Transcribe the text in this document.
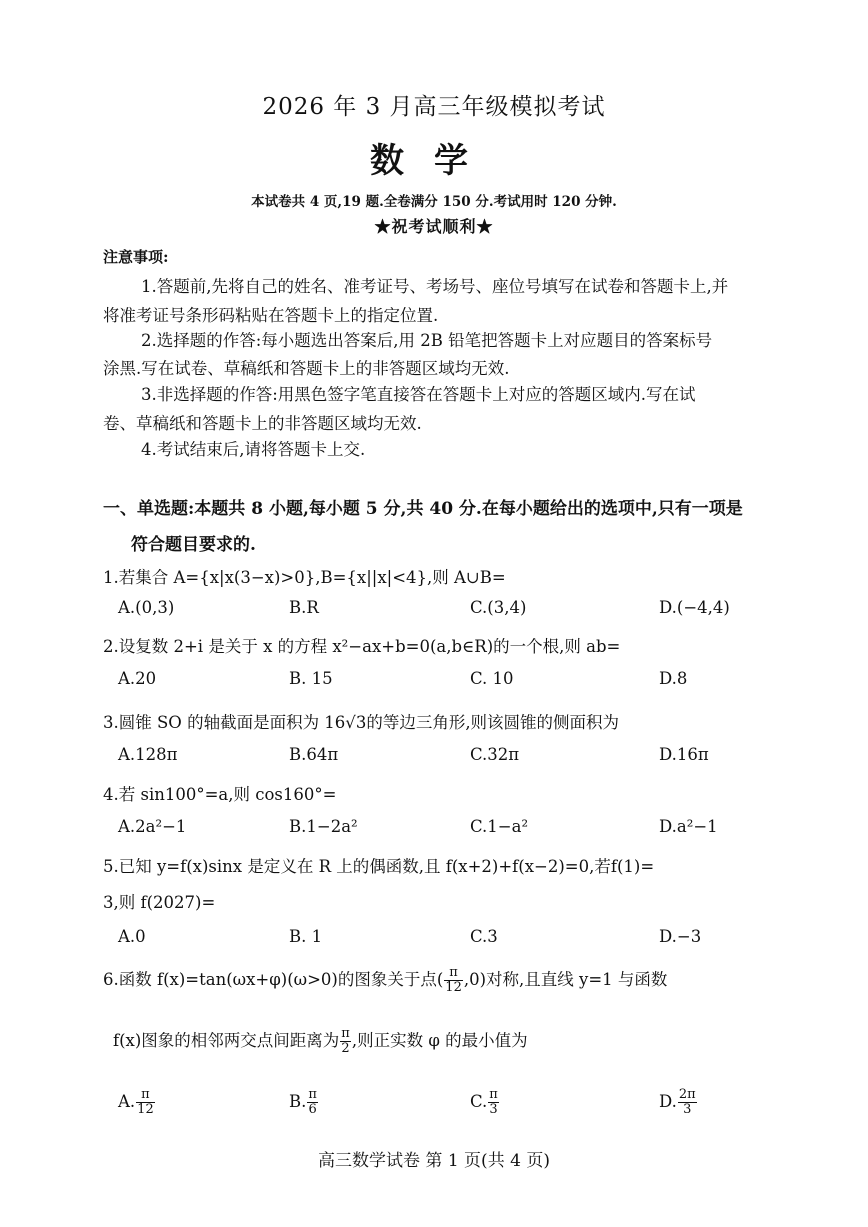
2026 年 3 月高三年级模拟考试
数学
本试卷共 4 页,19 题.全卷满分 150 分.考试用时 120 分钟.
★祝考试顺利★
注意事项:
1.答题前,先将自己的姓名、准考证号、考场号、座位号填写在试卷和答题卡上,并
将准考证号条形码粘贴在答题卡上的指定位置.
2.选择题的作答:每小题选出答案后,用 2B 铅笔把答题卡上对应题目的答案标号
涂黑.写在试卷、草稿纸和答题卡上的非答题区域均无效.
3.非选择题的作答:用黑色签字笔直接答在答题卡上对应的答题区域内.写在试
卷、草稿纸和答题卡上的非答题区域均无效.
4.考试结束后,请将答题卡上交.
一、单选题:本题共 8 小题,每小题 5 分,共 40 分.在每小题给出的选项中,只有一项是
符合题目要求的.
1.若集合 A={x|x(3−x)>0},B={x||x|<4},则 A∪B=
A.(0,3)	B.R	C.(3,4)	D.(−4,4)
2.设复数 2+i 是关于 x 的方程 x²−ax+b=0(a,b∈R)的一个根,则 ab=
A.20	B. 15	C. 10	D.8
3.圆锥 SO 的轴截面是面积为 16√3的等边三角形,则该圆锥的侧面积为
A.128π	B.64π	C.32π	D.16π
4.若 sin100°=a,则 cos160°=
A.2a²−1	B.1−2a²	C.1−a²	D.a²−1
5.已知 y=f(x)sinx 是定义在 R 上的偶函数,且 f(x+2)+f(x−2)=0,若f(1)=
3,则 f(2027)=
A.0	B. 1	C.3	D.−3
6.函数 f(x)=tan(ωx+φ)(ω>0)的图象关于点( $\frac{\pi}{12} ,0$)对称,且直线 y=1 与函数
f(x)图象的相邻两交点间距离为 $\frac{\pi}{2}$ ,则正实数 φ 的最小值为
A. $\frac{\pi}{12}$	B. $\frac{\pi}{6}$	C. $\frac{\pi}{3}$	D. $\frac{2\pi}{3}$
高三数学试卷 第 1 页(共 4 页)
